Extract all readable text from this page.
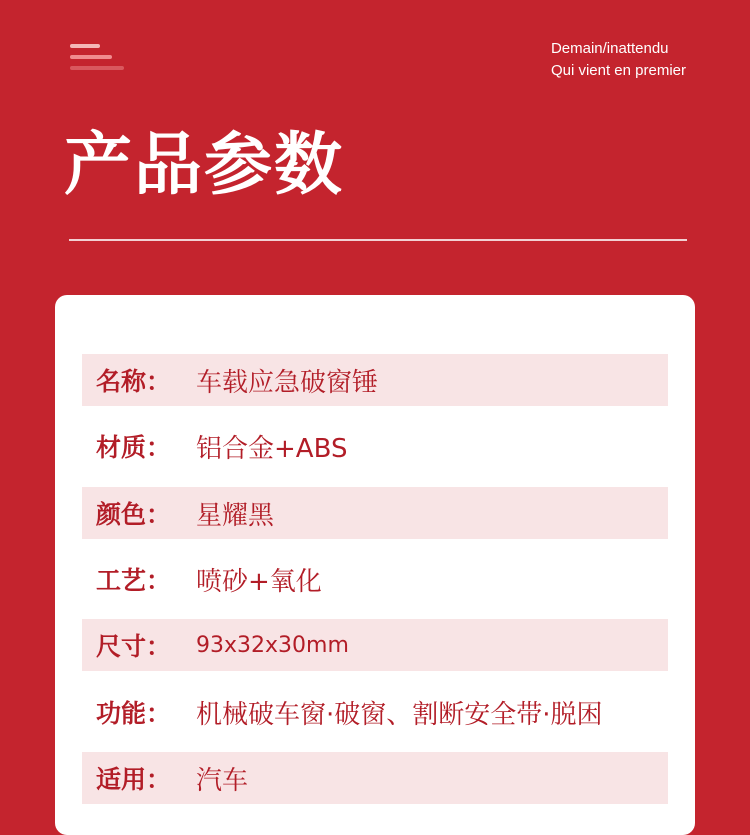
Demain/inattendu
Qui vient en premier
产品参数
名称： 车载应急破窗锤
材质： 铝合金+ABS
颜色： 星耀黑
工艺： 喷砂+氧化
尺寸：	93x32x30mm
功能： 机械破车窗·破窗、割断安全带·脱困
适用： 汽车
